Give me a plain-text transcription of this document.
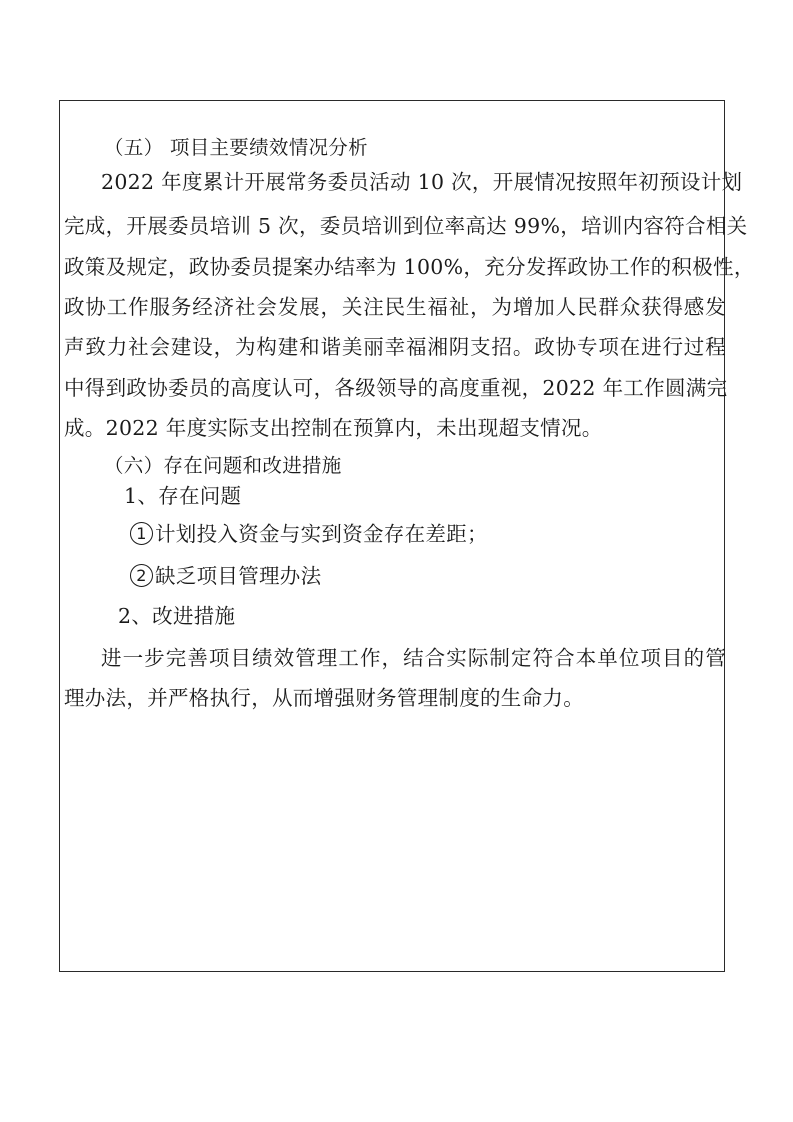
（五） 项目主要绩效情况分析
2022 年度累计开展常务委员活动 10 次，开展情况按照年初预设计划
完成，开展委员培训 5 次，委员培训到位率高达 99%，培训内容符合相关
政策及规定，政协委员提案办结率为 100%，充分发挥政协工作的积极性，
政协工作服务经济社会发展，关注民生福祉，为增加人民群众获得感发
声致力社会建设，为构建和谐美丽幸福湘阴支招。政协专项在进行过程
中得到政协委员的高度认可，各级领导的高度重视，2022 年工作圆满完
成。2022 年度实际支出控制在预算内，未出现超支情况。
（六）存在问题和改进措施
1、存在问题
1 计划投入资金与实到资金存在差距；
2 缺乏项目管理办法
2、改进措施
进一步完善项目绩效管理工作，结合实际制定符合本单位项目的管
理办法，并严格执行，从而增强财务管理制度的生命力。
